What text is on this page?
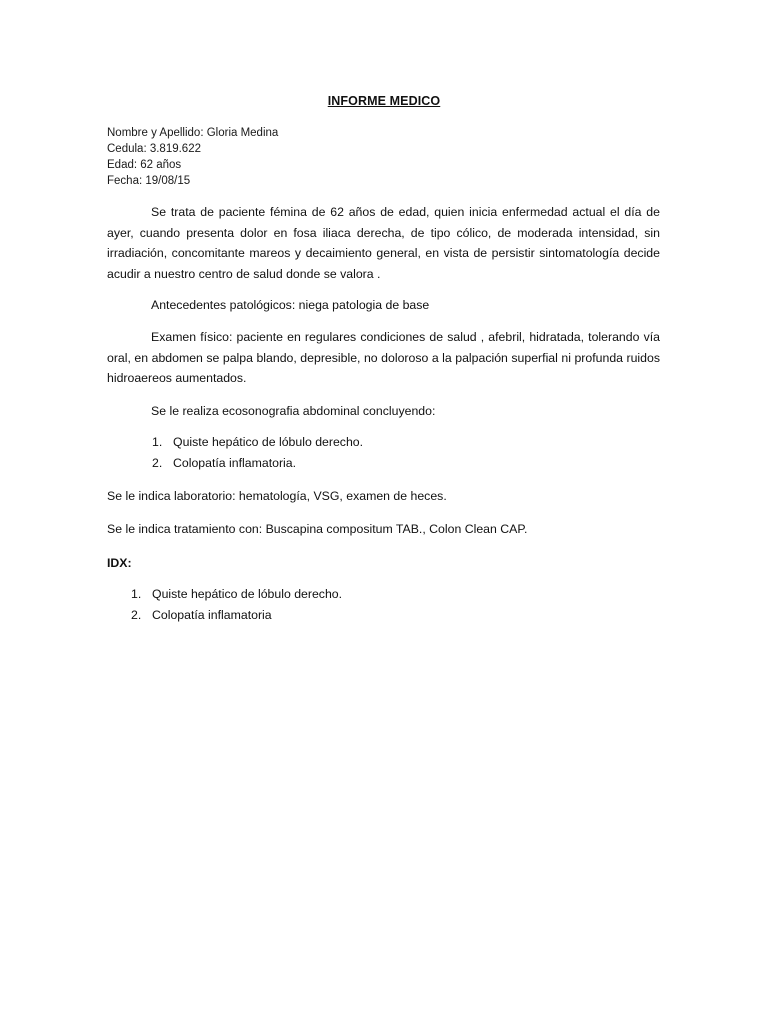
INFORME MEDICO
Nombre y Apellido: Gloria Medina
Cedula: 3.819.622
Edad: 62 años
Fecha: 19/08/15
Se trata de paciente fémina de 62 años de edad, quien inicia enfermedad actual el día de ayer, cuando presenta dolor en fosa iliaca derecha, de tipo cólico, de moderada intensidad, sin irradiación, concomitante mareos y decaimiento general, en vista de persistir sintomatología decide acudir a nuestro centro de salud donde se valora .
Antecedentes patológicos: niega patologia de base
Examen físico: paciente en regulares condiciones de salud , afebril, hidratada, tolerando vía oral, en abdomen se palpa blando, depresible, no doloroso a la palpación superfial ni profunda ruidos hidroaereos aumentados.
Se le realiza ecosonografia abdominal concluyendo:
1. Quiste hepático de lóbulo derecho.
2. Colopatía inflamatoria.
Se le indica laboratorio: hematología, VSG, examen de heces.
Se le indica tratamiento con: Buscapina compositum TAB., Colon Clean CAP.
IDX:
1. Quiste hepático de lóbulo derecho.
2. Colopatía inflamatoria
